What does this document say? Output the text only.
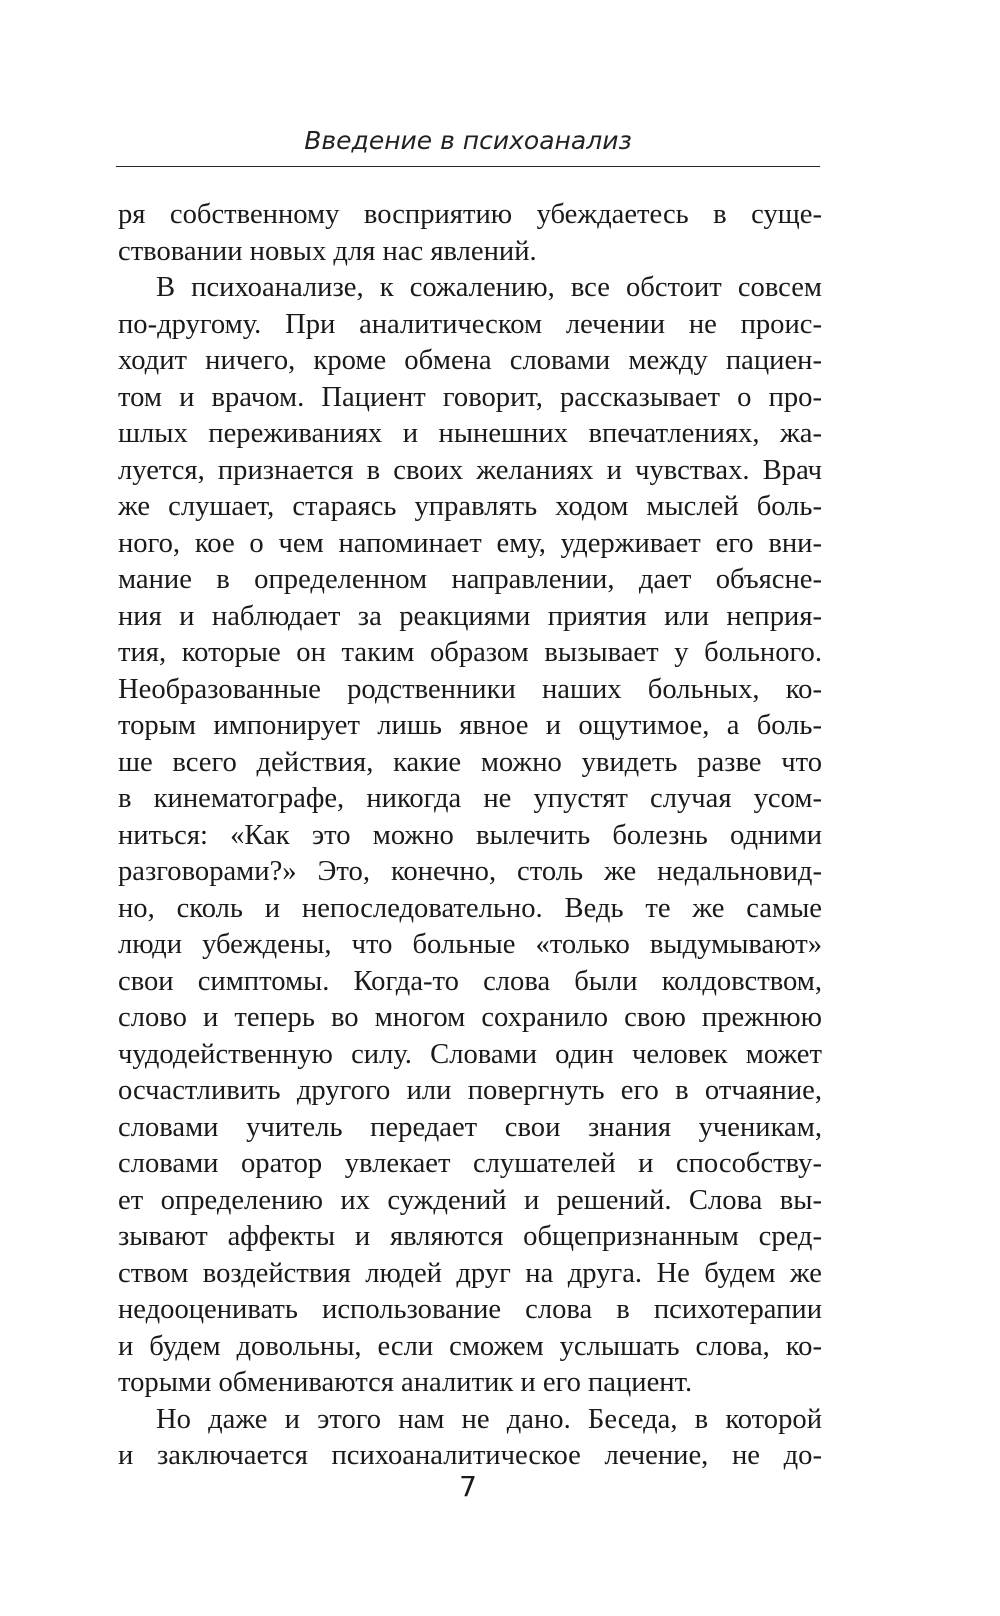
Введение в психоанализ
ря собственному восприятию убеждаетесь в суще-
ствовании новых для нас явлений.
В психоанализе, к сожалению, все обстоит совсем
по-другому. При аналитическом лечении не проис-
ходит ничего, кроме обмена словами между пациен-
том и врачом. Пациент говорит, рассказывает о про-
шлых переживаниях и нынешних впечатлениях, жа-
луется, признается в своих желаниях и чувствах. Врач
же слушает, стараясь управлять ходом мыслей боль-
ного, кое о чем напоминает ему, удерживает его вни-
мание в определенном направлении, дает объясне-
ния и наблюдает за реакциями приятия или неприя-
тия, которые он таким образом вызывает у больного.
Необразованные родственники наших больных, ко-
торым импонирует лишь явное и ощутимое, а боль-
ше всего действия, какие можно увидеть разве что
в кинематографе, никогда не упустят случая усом-
ниться: «Как это можно вылечить болезнь одними
разговорами?» Это, конечно, столь же недальновид-
но, сколь и непоследовательно. Ведь те же самые
люди убеждены, что больные «только выдумывают»
свои симптомы. Когда-то слова были колдовством,
слово и теперь во многом сохранило свою прежнюю
чудодейственную силу. Словами один человек может
осчастливить другого или повергнуть его в отчаяние,
словами учитель передает свои знания ученикам,
словами оратор увлекает слушателей и способству-
ет определению их суждений и решений. Слова вы-
зывают аффекты и являются общепризнанным сред-
ством воздействия людей друг на друга. Не будем же
недооценивать использование слова в психотерапии
и будем довольны, если сможем услышать слова, ко-
торыми обмениваются аналитик и его пациент.
Но даже и этого нам не дано. Беседа, в которой
и заключается психоаналитическое лечение, не до-
7
